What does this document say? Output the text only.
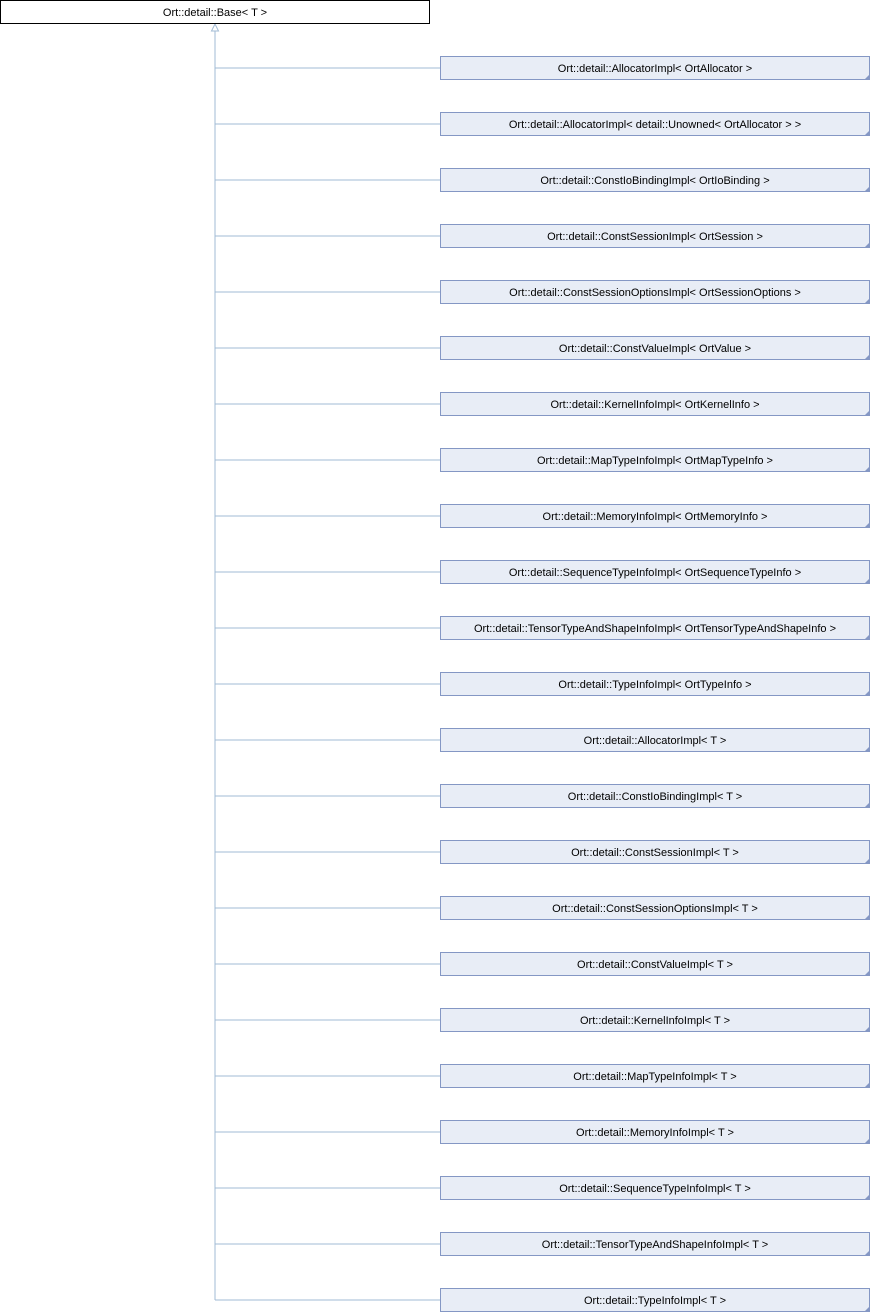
Ort::detail::Base< T >
Ort::detail::AllocatorImpl< OrtAllocator >
Ort::detail::AllocatorImpl< detail::Unowned< OrtAllocator > >
Ort::detail::ConstIoBindingImpl< OrtIoBinding >
Ort::detail::ConstSessionImpl< OrtSession >
Ort::detail::ConstSessionOptionsImpl< OrtSessionOptions >
Ort::detail::ConstValueImpl< OrtValue >
Ort::detail::KernelInfoImpl< OrtKernelInfo >
Ort::detail::MapTypeInfoImpl< OrtMapTypeInfo >
Ort::detail::MemoryInfoImpl< OrtMemoryInfo >
Ort::detail::SequenceTypeInfoImpl< OrtSequenceTypeInfo >
Ort::detail::TensorTypeAndShapeInfoImpl< OrtTensorTypeAndShapeInfo >
Ort::detail::TypeInfoImpl< OrtTypeInfo >
Ort::detail::AllocatorImpl< T >
Ort::detail::ConstIoBindingImpl< T >
Ort::detail::ConstSessionImpl< T >
Ort::detail::ConstSessionOptionsImpl< T >
Ort::detail::ConstValueImpl< T >
Ort::detail::KernelInfoImpl< T >
Ort::detail::MapTypeInfoImpl< T >
Ort::detail::MemoryInfoImpl< T >
Ort::detail::SequenceTypeInfoImpl< T >
Ort::detail::TensorTypeAndShapeInfoImpl< T >
Ort::detail::TypeInfoImpl< T >
